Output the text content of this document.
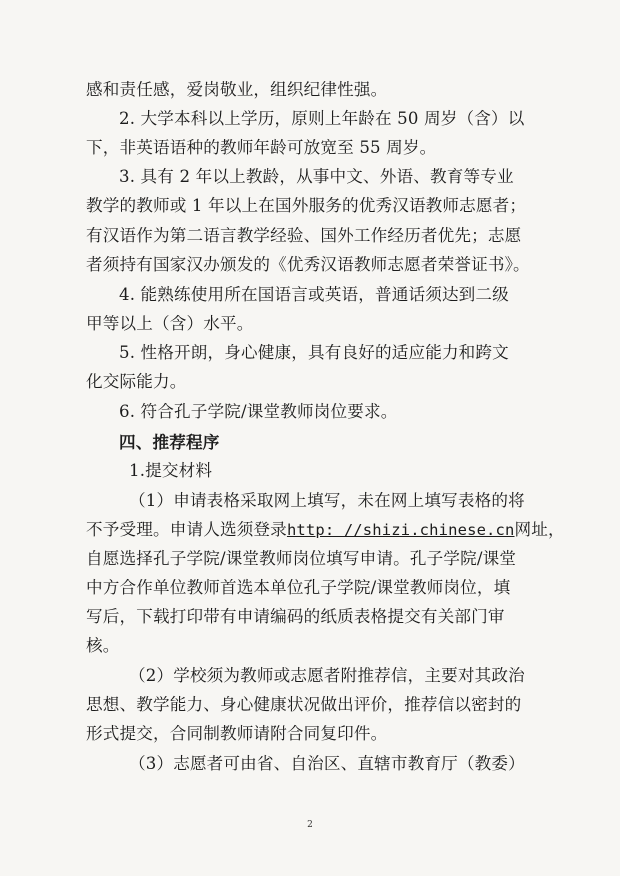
感和责任感，爱岗敬业，组织纪律性强。
2. 大学本科以上学历，原则上年龄在 50 周岁（含）以
下，非英语语种的教师年龄可放宽至 55 周岁。
3. 具有 2 年以上教龄，从事中文、外语、教育等专业
教学的教师或 1 年以上在国外服务的优秀汉语教师志愿者；
有汉语作为第二语言教学经验、国外工作经历者优先；志愿
者须持有国家汉办颁发的《优秀汉语教师志愿者荣誉证书》。
4. 能熟练使用所在国语言或英语，普通话须达到二级
甲等以上（含）水平。
5. 性格开朗，身心健康，具有良好的适应能力和跨文
化交际能力。
6. 符合孔子学院/课堂教师岗位要求。
四、推荐程序
1.提交材料
（1）申请表格采取网上填写，未在网上填写表格的将
不予受理。申请人选须登录http: //shizi.chinese.cn网址，
自愿选择孔子学院/课堂教师岗位填写申请。孔子学院/课堂
中方合作单位教师首选本单位孔子学院/课堂教师岗位，填
写后，下载打印带有申请编码的纸质表格提交有关部门审
核。
（2）学校须为教师或志愿者附推荐信，主要对其政治
思想、教学能力、身心健康状况做出评价，推荐信以密封的
形式提交，合同制教师请附合同复印件。
（3）志愿者可由省、自治区、直辖市教育厅（教委）
2
